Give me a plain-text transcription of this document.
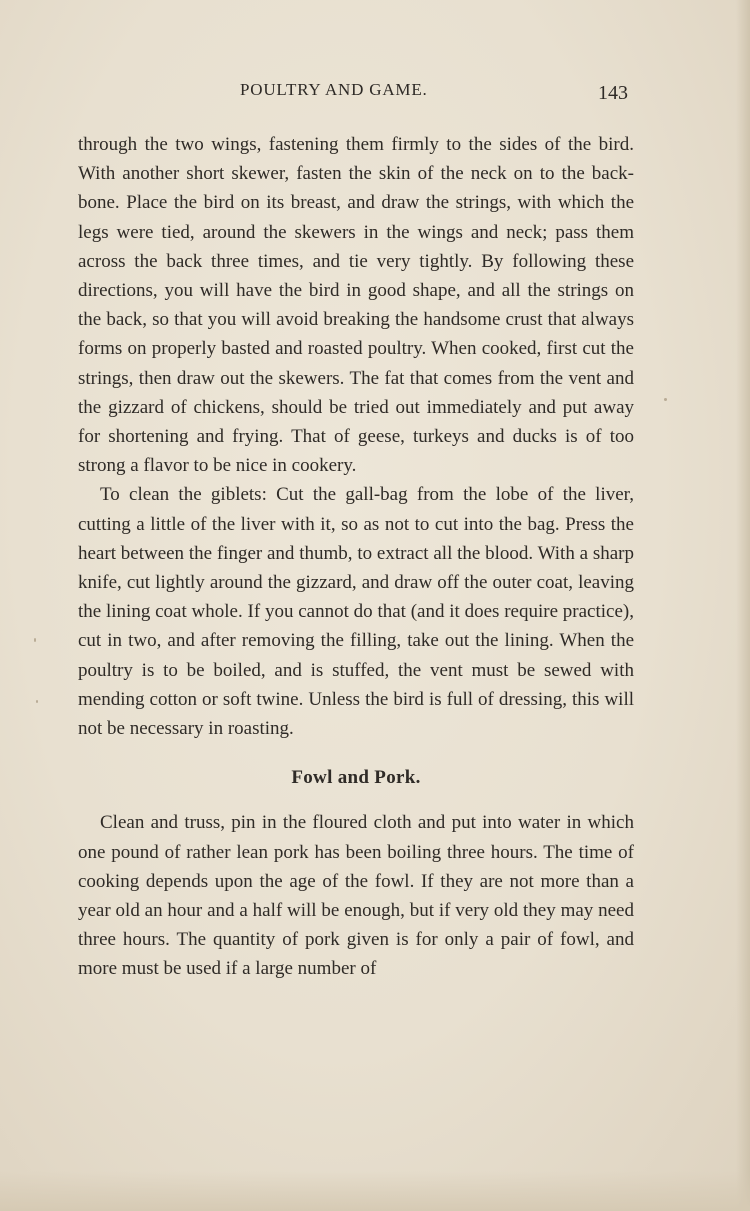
POULTRY AND GAME.	143

through the two wings, fastening them firmly to the sides of the bird. With another short skewer, fasten the skin of the neck on to the back-bone. Place the bird on its breast, and draw the strings, with which the legs were tied, around the skewers in the wings and neck; pass them across the back three times, and tie very tightly. By following these directions, you will have the bird in good shape, and all the strings on the back, so that you will avoid breaking the handsome crust that always forms on properly basted and roasted poultry. When cooked, first cut the strings, then draw out the skewers. The fat that comes from the vent and the gizzard of chickens, should be tried out immediately and put away for shortening and frying. That of geese, turkeys and ducks is of too strong a flavor to be nice in cookery.

To clean the giblets: Cut the gall-bag from the lobe of the liver, cutting a little of the liver with it, so as not to cut into the bag. Press the heart between the finger and thumb, to extract all the blood. With a sharp knife, cut lightly around the gizzard, and draw off the outer coat, leaving the lining coat whole. If you cannot do that (and it does require practice), cut in two, and after removing the filling, take out the lining. When the poultry is to be boiled, and is stuffed, the vent must be sewed with mending cotton or soft twine. Unless the bird is full of dressing, this will not be necessary in roasting.

Fowl and Pork.

Clean and truss, pin in the floured cloth and put into water in which one pound of rather lean pork has been boiling three hours. The time of cooking depends upon the age of the fowl. If they are not more than a year old an hour and a half will be enough, but if very old they may need three hours. The quantity of pork given is for only a pair of fowl, and more must be used if a large number of
